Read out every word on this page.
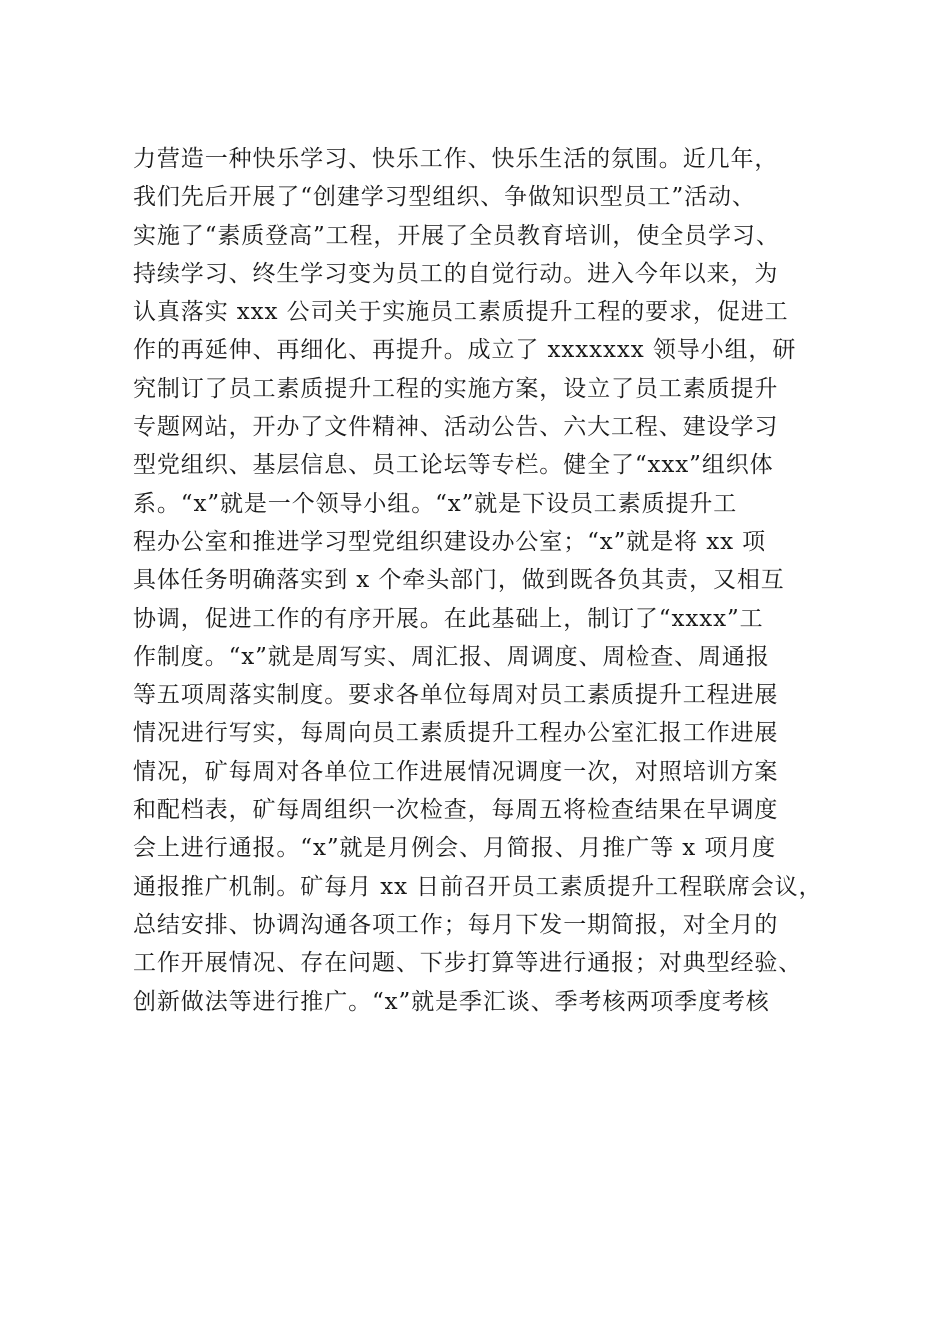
力营造一种快乐学习、快乐工作、快乐生活的氛围。近几年，
我们先后开展了“创建学习型组织、争做知识型员工”活动、
实施了“素质登高”工程，开展了全员教育培训，使全员学习、
持续学习、终生学习变为员工的自觉行动。进入今年以来，为
认真落实 xxx 公司关于实施员工素质提升工程的要求，促进工
作的再延伸、再细化、再提升。成立了 xxxxxxx 领导小组，研
究制订了员工素质提升工程的实施方案，设立了员工素质提升
专题网站，开办了文件精神、活动公告、六大工程、建设学习
型党组织、基层信息、员工论坛等专栏。健全了“xxx”组织体
系。“x”就是一个领导小组。“x”就是下设员工素质提升工
程办公室和推进学习型党组织建设办公室；“x”就是将 xx 项
具体任务明确落实到 x 个牵头部门，做到既各负其责，又相互
协调，促进工作的有序开展。在此基础上，制订了“xxxx”工
作制度。“x”就是周写实、周汇报、周调度、周检查、周通报
等五项周落实制度。要求各单位每周对员工素质提升工程进展
情况进行写实，每周向员工素质提升工程办公室汇报工作进展
情况，矿每周对各单位工作进展情况调度一次，对照培训方案
和配档表，矿每周组织一次检查，每周五将检查结果在早调度
会上进行通报。“x”就是月例会、月简报、月推广等 x 项月度
通报推广机制。矿每月 xx 日前召开员工素质提升工程联席会议，
总结安排、协调沟通各项工作；每月下发一期简报，对全月的
工作开展情况、存在问题、下步打算等进行通报；对典型经验、
创新做法等进行推广。“x”就是季汇谈、季考核两项季度考核
